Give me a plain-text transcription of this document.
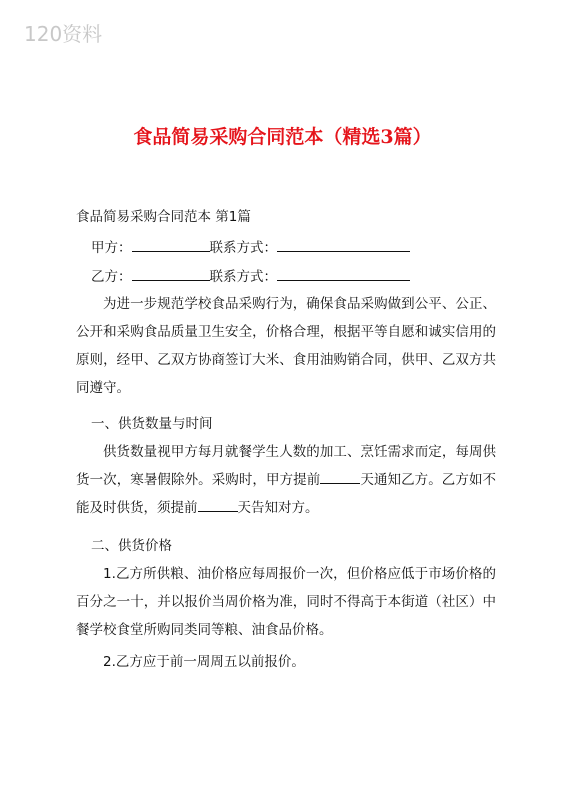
120资料
食品简易采购合同范本（精选3篇）
食品简易采购合同范本 第1篇
甲方：	联系方式：
乙方：	联系方式：

为进一步规范学校食品采购行为，确保食品采购做到公平、公正、公开和采购食品质量卫生安全，价格合理，根据平等自愿和诚实信用的原则，经甲、乙双方协商签订大米、食用油购销合同，供甲、乙双方共同遵守。

一、供货数量与时间

供货数量视甲方每月就餐学生人数的加工、烹饪需求而定，每周供货一次，寒暑假除外。采购时，甲方提前	天通知乙方。乙方如不能及时供货，须提前	天告知对方。

二、供货价格

1.乙方所供粮、油价格应每周报价一次，但价格应低于市场价格的百分之一十，并以报价当周价格为准，同时不得高于本街道（社区）中餐学校食堂所购同类同等粮、油食品价格。

2.乙方应于前一周周五以前报价。
